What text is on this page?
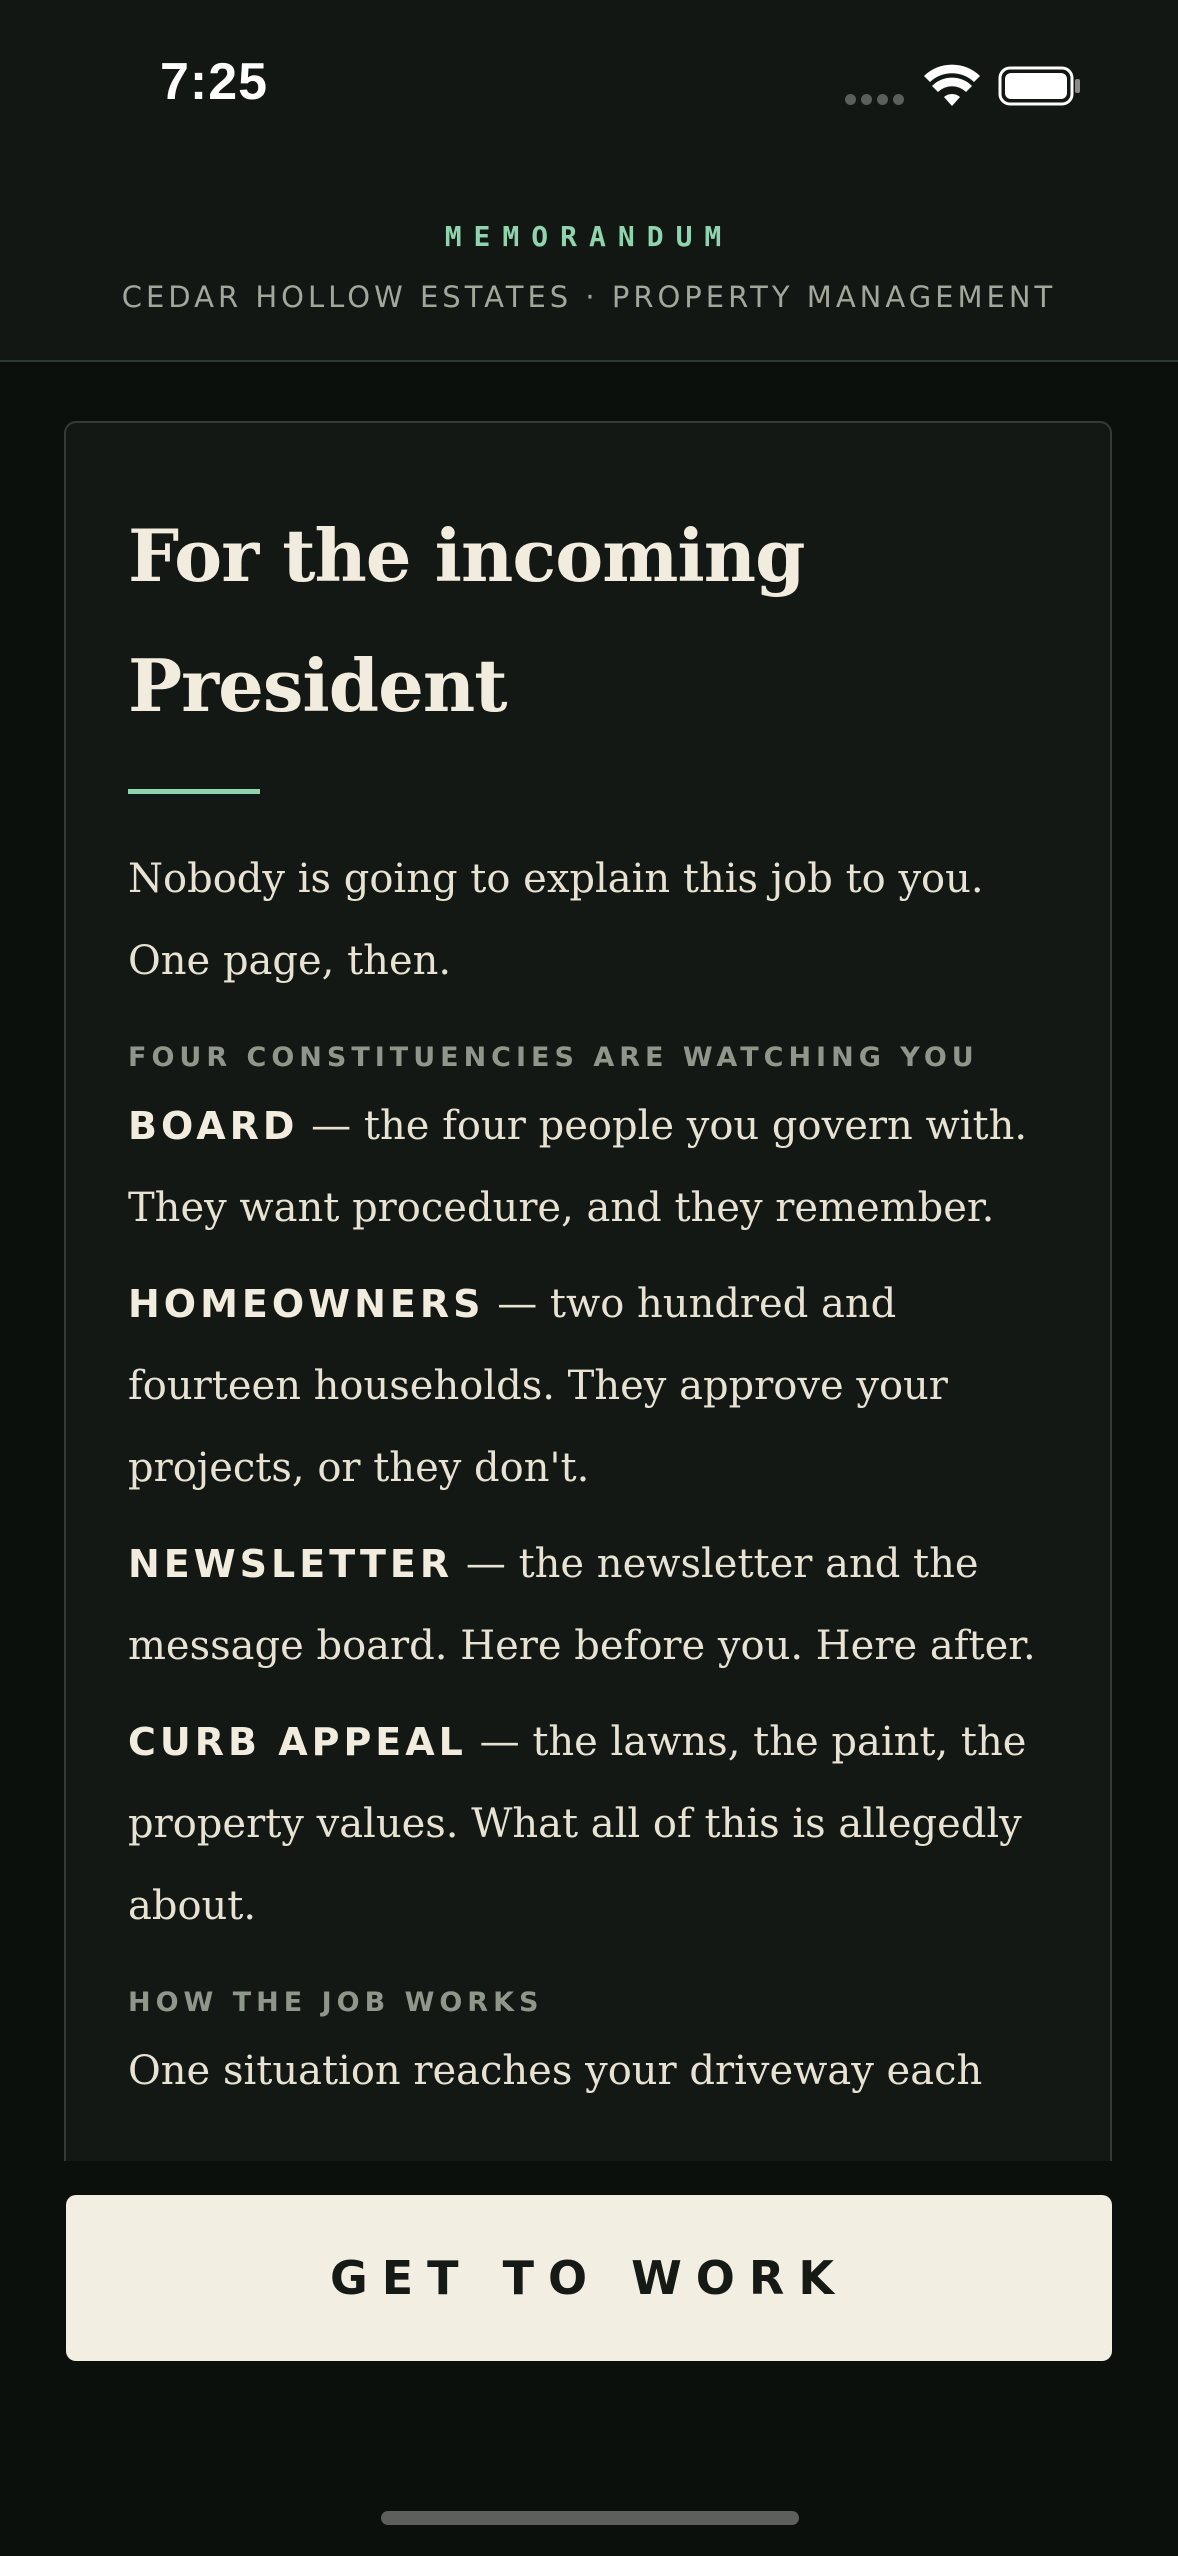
7:25
MEMORANDUM
CEDAR HOLLOW ESTATES · PROPERTY MANAGEMENT
For the incoming President

Nobody is going to explain this job to you. One page, then.

FOUR CONSTITUENCIES ARE WATCHING YOU

BOARD — the four people you govern with. They want procedure, and they remember.

HOMEOWNERS — two hundred and fourteen households. They approve your projects, or they don't.

NEWSLETTER — the newsletter and the message board. Here before you. Here after.

CURB APPEAL — the lawns, the paint, the property values. What all of this is allegedly about.

HOW THE JOB WORKS

One situation reaches your driveway each

GET TO WORK
